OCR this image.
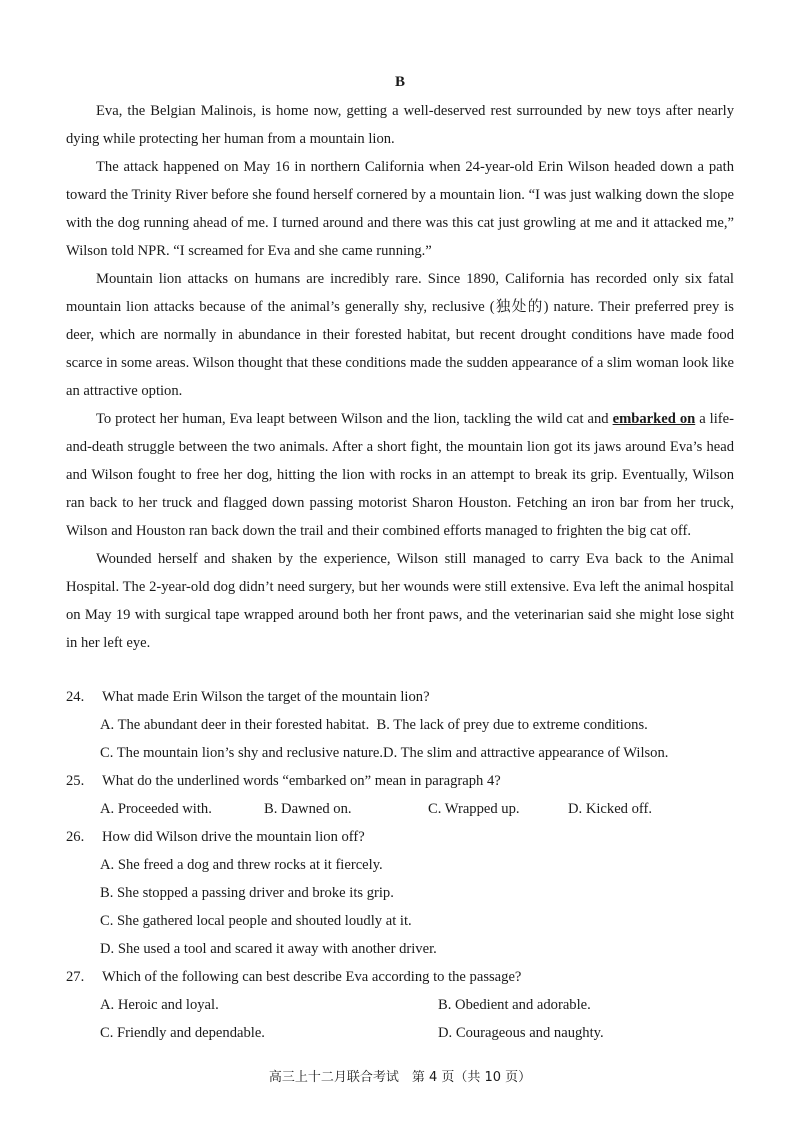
B

Eva, the Belgian Malinois, is home now, getting a well-deserved rest surrounded by new toys after nearly dying while protecting her human from a mountain lion.

The attack happened on May 16 in northern California when 24-year-old Erin Wilson headed down a path toward the Trinity River before she found herself cornered by a mountain lion. “I was just walking down the slope with the dog running ahead of me. I turned around and there was this cat just growling at me and it attacked me,” Wilson told NPR. “I screamed for Eva and she came running.”

Mountain lion attacks on humans are incredibly rare. Since 1890, California has recorded only six fatal mountain lion attacks because of the animal’s generally shy, reclusive (独处的) nature. Their preferred prey is deer, which are normally in abundance in their forested habitat, but recent drought conditions have made food scarce in some areas. Wilson thought that these conditions made the sudden appearance of a slim woman look like an attractive option.

To protect her human, Eva leapt between Wilson and the lion, tackling the wild cat and embarked on a life-and-death struggle between the two animals. After a short fight, the mountain lion got its jaws around Eva’s head and Wilson fought to free her dog, hitting the lion with rocks in an attempt to break its grip. Eventually, Wilson ran back to her truck and flagged down passing motorist Sharon Houston. Fetching an iron bar from her truck, Wilson and Houston ran back down the trail and their combined efforts managed to frighten the big cat off.

Wounded herself and shaken by the experience, Wilson still managed to carry Eva back to the Animal Hospital. The 2-year-old dog didn’t need surgery, but her wounds were still extensive. Eva left the animal hospital on May 19 with surgical tape wrapped around both her front paws, and the veterinarian said she might lose sight in her left eye.

24. What made Erin Wilson the target of the mountain lion?
A. The abundant deer in their forested habitat.
B. The lack of prey due to extreme conditions.
C. The mountain lion’s shy and reclusive nature. D. The slim and attractive appearance of Wilson.
25. What do the underlined words “embarked on” mean in paragraph 4?
A. Proceeded with.	B. Dawned on.	C. Wrapped up.	D. Kicked off.
26. How did Wilson drive the mountain lion off?
A. She freed a dog and threw rocks at it fiercely.
B. She stopped a passing driver and broke its grip.
C. She gathered local people and shouted loudly at it.
D. She used a tool and scared it away with another driver.
27. Which of the following can best describe Eva according to the passage?
A. Heroic and loyal.	B. Obedient and adorable.
C. Friendly and dependable.	D. Courageous and naughty.
高三上十二月联合考试　第 4 页（共 10 页）
